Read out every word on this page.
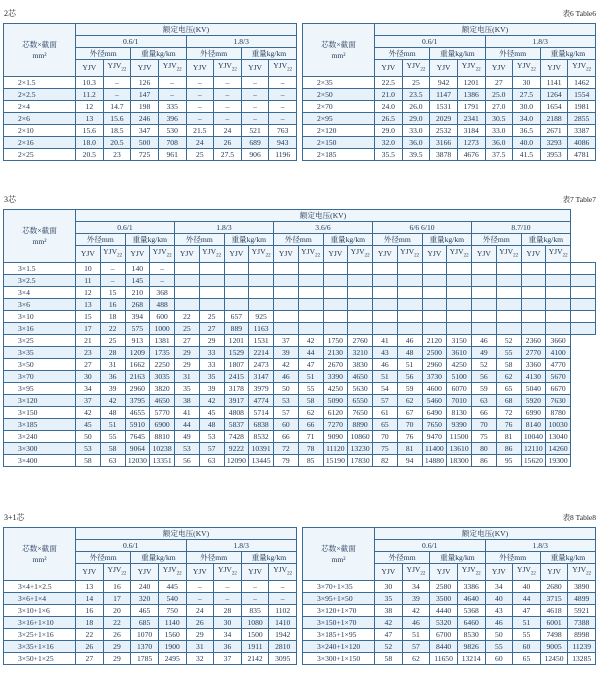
2芯	表6 Table6
芯数×截面
mm²	额定电压(KV)							
	0.6/1				1.8/3			
	外径mm		重量kg/km		外径mm		重量kg/km	
	YJV	$YJV_{22}$	YJV	$YJV_{22}$	YJV	$YJV_{22}$	YJV	$YJV_{22}$
2×1.5	10.3	–	126	–	–	–	–	–
2×2.5	11.2	–	147	–	–	–	–	–
2×4	12	14.7	198	335	–	–	–	–
2×6	13	15.6	246	396	–	–	–	–
2×10	15.6	18.5	347	530	21.5	24	521	763
2×16	18.0	20.5	500	708	24	26	689	943
2×25	20.5	23	725	961	25	27.5	906	1196
芯数×截面
mm²	额定电压(KV)							
	0.6/1				1.8/3			
	外径mm		重量kg/km		外径mm		重量kg/km	
	YJV	$YJV_{22}$	YJV	$YJV_{22}$	YJV	$YJV_{22}$	YJV	$YJV_{22}$
2×35	22.5	25	942	1201	27	30	1141	1462
2×50	21.0	23.5	1147	1386	25.0	27.5	1264	1554
2×70	24.0	26.0	1531	1791	27.0	30.0	1654	1981
2×95	26.5	29.0	2029	2341	30.5	34.0	2188	2855
2×120	29.0	33.0	2532	3184	33.0	36.5	2671	3387
2×150	32.0	36.0	3166	1273	36.0	40.0	3293	4086
2×185	35.5	39.5	3878	4676	37.5	41.5	3953	4781
3芯	表7 Table7
芯数×截面
mm²	额定电压(KV)																				
	0.6/1				1.8/3				3.6/6				6/6 6/10				8.7/10				
	外径mm		重量kg/km		外径mm		重量kg/km		外径mm		重量kg/km		外径mm		重量kg/km		外径mm		重量kg/km		
	YJV	$YJV_{22}$	YJV	$YJV_{22}$	YJV	$YJV_{22}$	YJV	$YJV_{22}$	YJV	$YJV_{22}$	YJV	$YJV_{22}$	YJV	$YJV_{22}$	YJV	$YJV_{22}$	YJV	$YJV_{22}$	YJV	$YJV_{22}$
3×1.5	10	–	140	–																	
3×2.5	11	–	145	–																	
3×4	12	15	210	368																	
3×6	13	16	268	488																	
3×10	15	18	394	600	22	25	657	925													
3×16	17	22	575	1000	25	27	889	1163													
3×25	21	25	913	1381	27	29	1201	1531	37	42	1750	2760	41	46	2120	3150	46	52	2360	3660	
3×35	23	28	1209	1735	29	33	1529	2214	39	44	2130	3210	43	48	2500	3610	49	55	2770	4100	
3×50	27	31	1662	2250	29	33	1807	2473	42	47	2670	3830	46	51	2960	4250	52	58	3360	4770	
3×70	30	36	2163	3035	31	35	2415	3147	46	51	3390	4650	51	56	3730	5100	56	62	4130	5670	
3×95	34	39	2960	3820	35	39	3178	3979	50	55	4250	5630	54	59	4600	6070	59	65	5040	6670	
3×120	37	42	3795	4650	38	42	3917	4774	53	58	5090	6550	57	62	5460	7010	63	68	5920	7630	
3×150	42	48	4655	5770	41	45	4808	5714	57	62	6120	7650	61	67	6490	8130	66	72	6990	8780	
3×185	45	51	5910	6900	44	48	5837	6838	60	66	7270	8890	65	70	7650	9390	70	76	8140	10030	
3×240	50	55	7645	8810	49	53	7428	8532	66	71	9090	10860	70	76	9470	11500	75	81	10040	13040	
3×300	53	58	9064	10238	53	57	9222	10391	72	78	11120	13230	75	81	11400	13610	80	86	12110	14260	
3×400	58	63	12030	13351	56	63	12090	13445	79	85	15190	17830	82	94	14880	18300	86	95	15620	19300	
3+1芯	表8 Table8
芯数×截面
mm²	额定电压(KV)							
	0.6/1				1.8/3			
	外径mm		重量kg/km		外径mm		重量kg/km	
	YJV	$YJV_{22}$	YJV	$YJV_{22}$	YJV	$YJV_{22}$	YJV	$YJV_{22}$
3×4+1×2.5	13	16	240	445	–	–	–	–
3×6+1×4	14	17	320	540	–	–	–	–
3×10+1×6	16	20	465	750	24	28	835	1102
3×16+1×10	18	22	685	1140	26	30	1080	1410
3×25+1×16	22	26	1070	1560	29	34	1500	1942
3×35+1×16	26	29	1370	1900	31	36	1911	2810
3×50+1×25	27	29	1785	2495	32	37	2142	3095
芯数×截面
mm²	额定电压(KV)							
	0.6/1				1.8/3			
	外径mm		重量kg/km		外径mm		重量kg/km	
	YJV	$YJV_{22}$	YJV	$YJV_{22}$	YJV	$YJV_{22}$	YJV	$YJV_{22}$
3×70+1×35	30	34	2580	3386	34	40	2680	3890
3×95+1×50	35	39	3500	4640	40	44	3715	4899
3×120+1×70	38	42	4440	5368	43	47	4618	5921
3×150+1×70	42	46	5320	6460	46	51	6001	7388
3×185+1×95	47	51	6700	8530	50	55	7498	8998
3×240+1×120	52	57	8440	9826	55	60	9005	11239
3×300+1×150	58	62	11650	13214	60	65	12450	13285
